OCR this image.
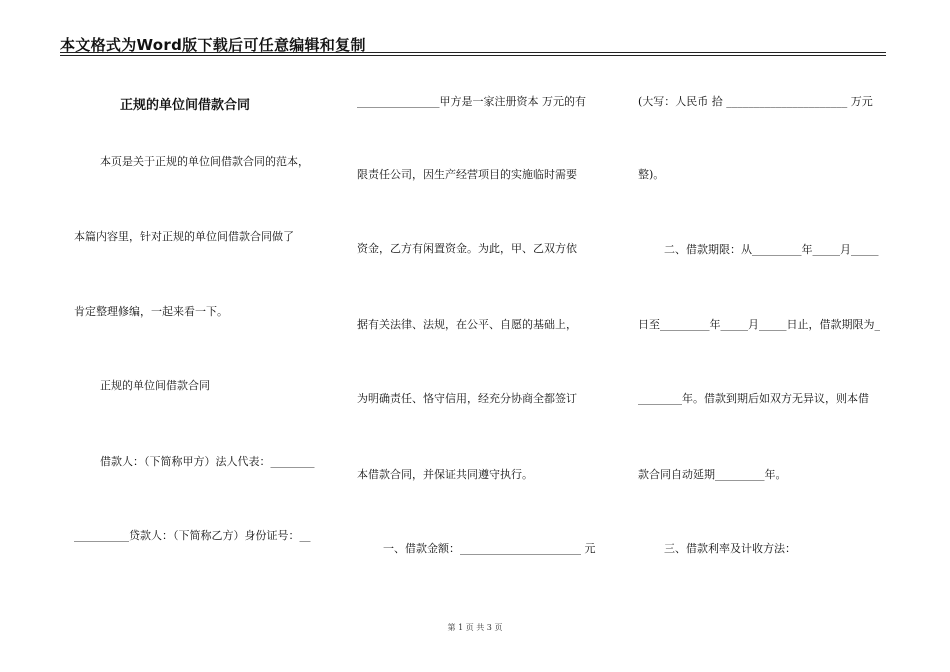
本文格式为Word版下载后可任意编辑和复制
正规的单位间借款合同
本页是关于正规的单位间借款合同的范本，
本篇内容里，针对正规的单位间借款合同做了
肯定整理修编，一起来看一下。
正规的单位间借款合同
借款人：（下简称甲方）法人代表：________
__________贷款人：（下简称乙方）身份证号：__
_______________甲方是一家注册资本 万元的有
限责任公司，因生产经营项目的实施临时需要
资金，乙方有闲置资金。为此，甲、乙双方依
据有关法律、法规，在公平、自愿的基础上，
为明确责任、恪守信用，经充分协商全都签订
本借款合同，并保证共同遵守执行。
一、借款金额：______________________ 元
(大写：人民币 拾 ______________________ 万元
整)。
二、借款期限：从_________年_____月_____
日至_________年_____月_____日止，借款期限为_
________年。借款到期后如双方无异议，则本借
款合同自动延期_________年。
三、借款利率及计收方法：
第 1 页 共 3 页
